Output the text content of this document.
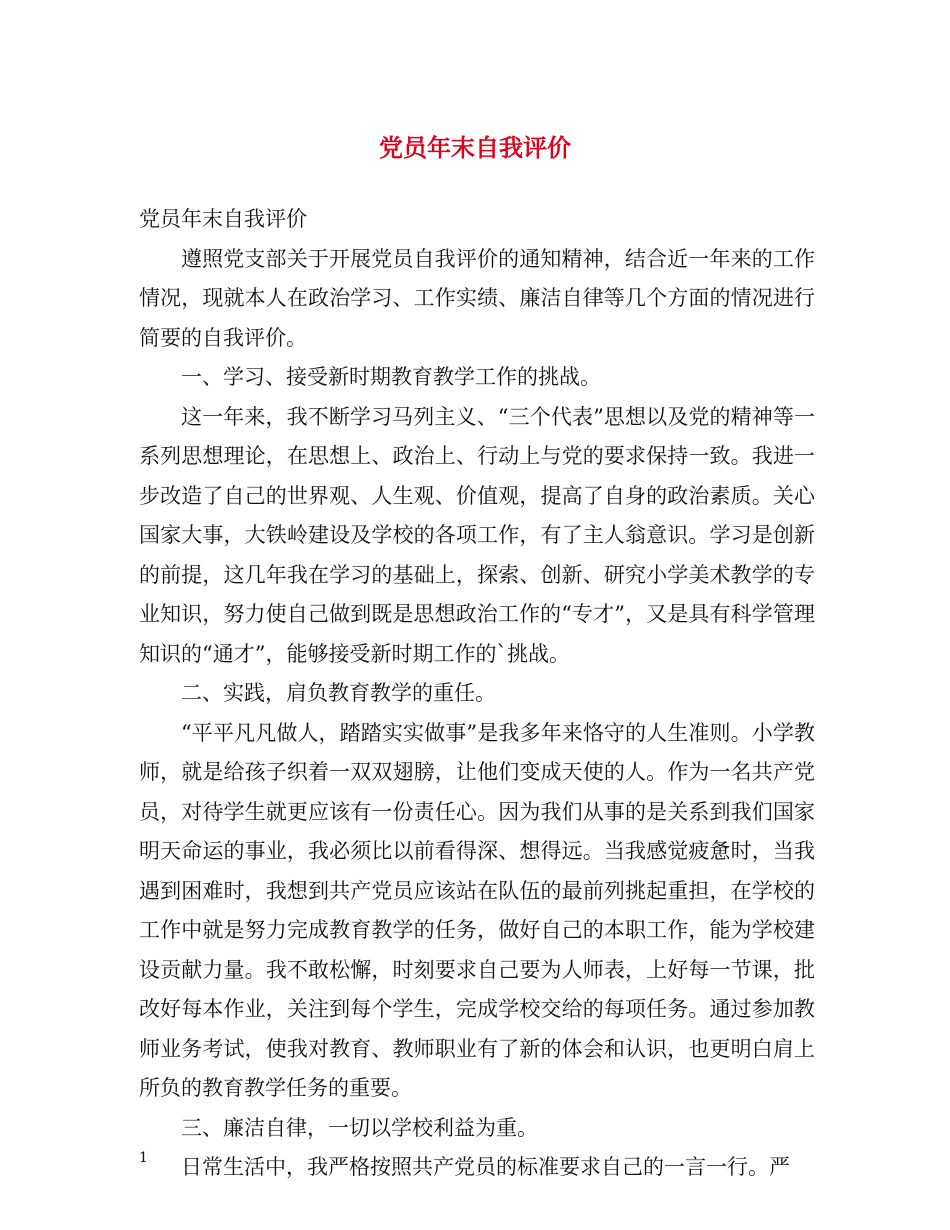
党员年末自我评价

党员年末自我评价

遵照党支部关于开展党员自我评价的通知精神，结合近一年来的工作情况，现就本人在政治学习、工作实绩、廉洁自律等几个方面的情况进行简要的自我评价。

一、学习、接受新时期教育教学工作的挑战。

这一年来，我不断学习马列主义、“三个代表”思想以及党的精神等一系列思想理论，在思想上、政治上、行动上与党的要求保持一致。我进一步改造了自己的世界观、人生观、价值观，提高了自身的政治素质。关心国家大事，大铁岭建设及学校的各项工作，有了主人翁意识。学习是创新的前提，这几年我在学习的基础上，探索、创新、研究小学美术教学的专业知识，努力使自己做到既是思想政治工作的“专才”，又是具有科学管理知识的“通才”，能够接受新时期工作的`挑战。

二、实践，肩负教育教学的重任。

“平平凡凡做人，踏踏实实做事”是我多年来恪守的人生准则。小学教师，就是给孩子织着一双双翅膀，让他们变成天使的人。作为一名共产党员，对待学生就更应该有一份责任心。因为我们从事的是关系到我们国家明天命运的事业，我必须比以前看得深、想得远。当我感觉疲惫时，当我遇到困难时，我想到共产党员应该站在队伍的最前列挑起重担，在学校的工作中就是努力完成教育教学的任务，做好自己的本职工作，能为学校建设贡献力量。我不敢松懈，时刻要求自己要为人师表，上好每一节课，批改好每本作业，关注到每个学生，完成学校交给的每项任务。通过参加教师业务考试，使我对教育、教师职业有了新的体会和认识，也更明白肩上所负的教育教学任务的重要。

三、廉洁自律，一切以学校利益为重。

日常生活中，我严格按照共产党员的标准要求自己的一言一行。严

1
